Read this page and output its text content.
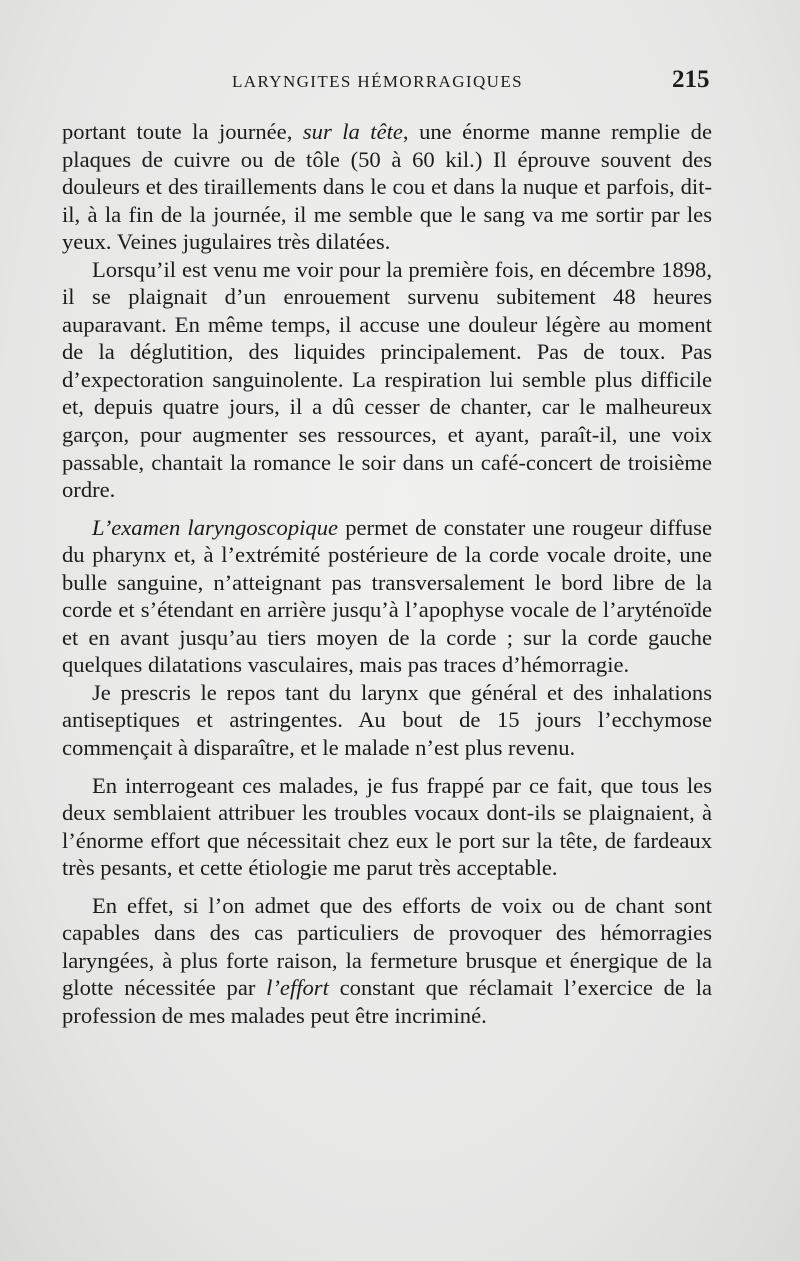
LARYNGITES HÉMORRAGIQUES	215

portant toute la journée, sur la tête, une énorme manne remplie de plaques de cuivre ou de tôle (50 à 60 kil.) Il éprouve souvent des douleurs et des tiraillements dans le cou et dans la nuque et parfois, dit-il, à la fin de la journée, il me semble que le sang va me sortir par les yeux. Veines jugulaires très dilatées.

Lorsqu’il est venu me voir pour la première fois, en décembre 1898, il se plaignait d’un enrouement survenu subitement 48 heures auparavant. En même temps, il accuse une douleur légère au moment de la déglutition, des liquides principalement. Pas de toux. Pas d’expectoration sanguinolente. La respiration lui semble plus difficile et, depuis quatre jours, il a dû cesser de chanter, car le malheureux garçon, pour augmenter ses ressources, et ayant, paraît-il, une voix passable, chantait la romance le soir dans un café-concert de troisième ordre.

L’examen laryngoscopique permet de constater une rougeur diffuse du pharynx et, à l’extrémité postérieure de la corde vocale droite, une bulle sanguine, n’atteignant pas transversalement le bord libre de la corde et s’étendant en arrière jusqu’à l’apophyse vocale de l’aryténoïde et en avant jusqu’au tiers moyen de la corde ; sur la corde gauche quelques dilatations vasculaires, mais pas traces d’hémorragie.

Je prescris le repos tant du larynx que général et des inhalations antiseptiques et astringentes. Au bout de 15 jours l’ecchymose commençait à disparaître, et le malade n’est plus revenu.

En interrogeant ces malades, je fus frappé par ce fait, que tous les deux semblaient attribuer les troubles vocaux dont-ils se plaignaient, à l’énorme effort que nécessitait chez eux le port sur la tête, de fardeaux très pesants, et cette étiologie me parut très acceptable.

En effet, si l’on admet que des efforts de voix ou de chant sont capables dans des cas particuliers de provoquer des hémorragies laryngées, à plus forte raison, la fermeture brusque et énergique de la glotte nécessitée par l’effort constant que réclamait l’exercice de la profession de mes malades peut être incriminé.
